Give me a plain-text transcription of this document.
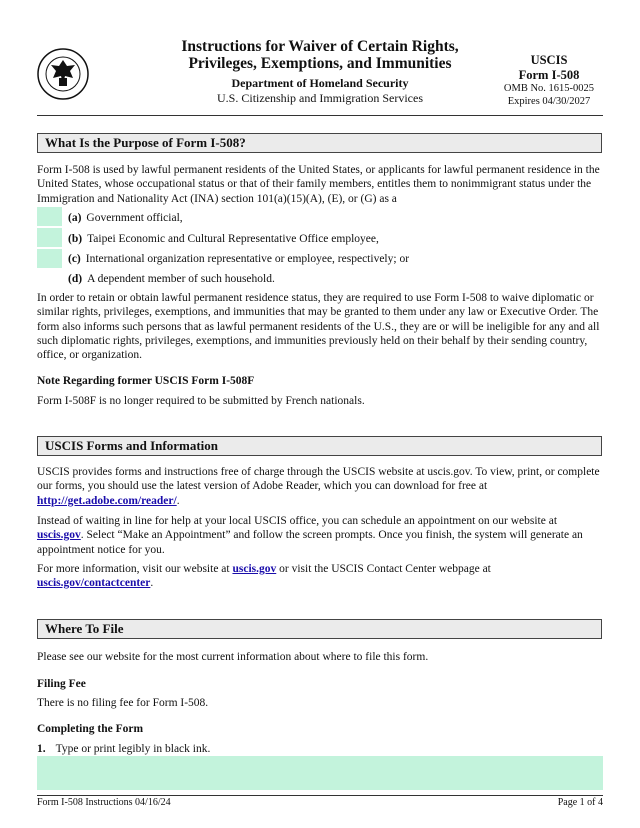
Instructions for Waiver of Certain Rights,
Privileges, Exemptions, and Immunities
Department of Homeland Security
U.S. Citizenship and Immigration Services
USCIS
Form I-508
OMB No. 1615-0025
Expires 04/30/2027
What Is the Purpose of Form I-508?

Form I-508 is used by lawful permanent residents of the United States, or applicants for lawful permanent residence in the United States, whose occupational status or that of their family members, entitles them to nonimmigrant status under the Immigration and Nationality Act (INA) section 101(a)(15)(A), (E), or (G) as a

(a) Government official,
(b) Taipei Economic and Cultural Representative Office employee,
(c) International organization representative or employee, respectively; or
(d) A dependent member of such household.

In order to retain or obtain lawful permanent residence status, they are required to use Form I-508 to waive diplomatic or similar rights, privileges, exemptions, and immunities that may be granted to them under any law or Executive Order. The form also informs such persons that as lawful permanent residents of the U.S., they are or will be ineligible for any and all such diplomatic rights, privileges, exemptions, and immunities previously held on their behalf by their sending country, office, or organization.

Note Regarding former USCIS Form I-508F

Form I-508F is no longer required to be submitted by French nationals.

USCIS Forms and Information

USCIS provides forms and instructions free of charge through the USCIS website at uscis.gov. To view, print, or complete our forms, you should use the latest version of Adobe Reader, which you can download for free at http://get.adobe.com/reader/.

Instead of waiting in line for help at your local USCIS office, you can schedule an appointment on our website at uscis.gov. Select “Make an Appointment” and follow the screen prompts. Once you finish, the system will generate an appointment notice for you.

For more information, visit our website at uscis.gov or visit the USCIS Contact Center webpage at uscis.gov/contactcenter.

Where To File

Please see our website for the most current information about where to file this form.

Filing Fee

There is no filing fee for Form I-508.

Completing the Form
1. Type or print legibly in black ink.
Form I-508 Instructions 04/16/24	Page 1 of 4
